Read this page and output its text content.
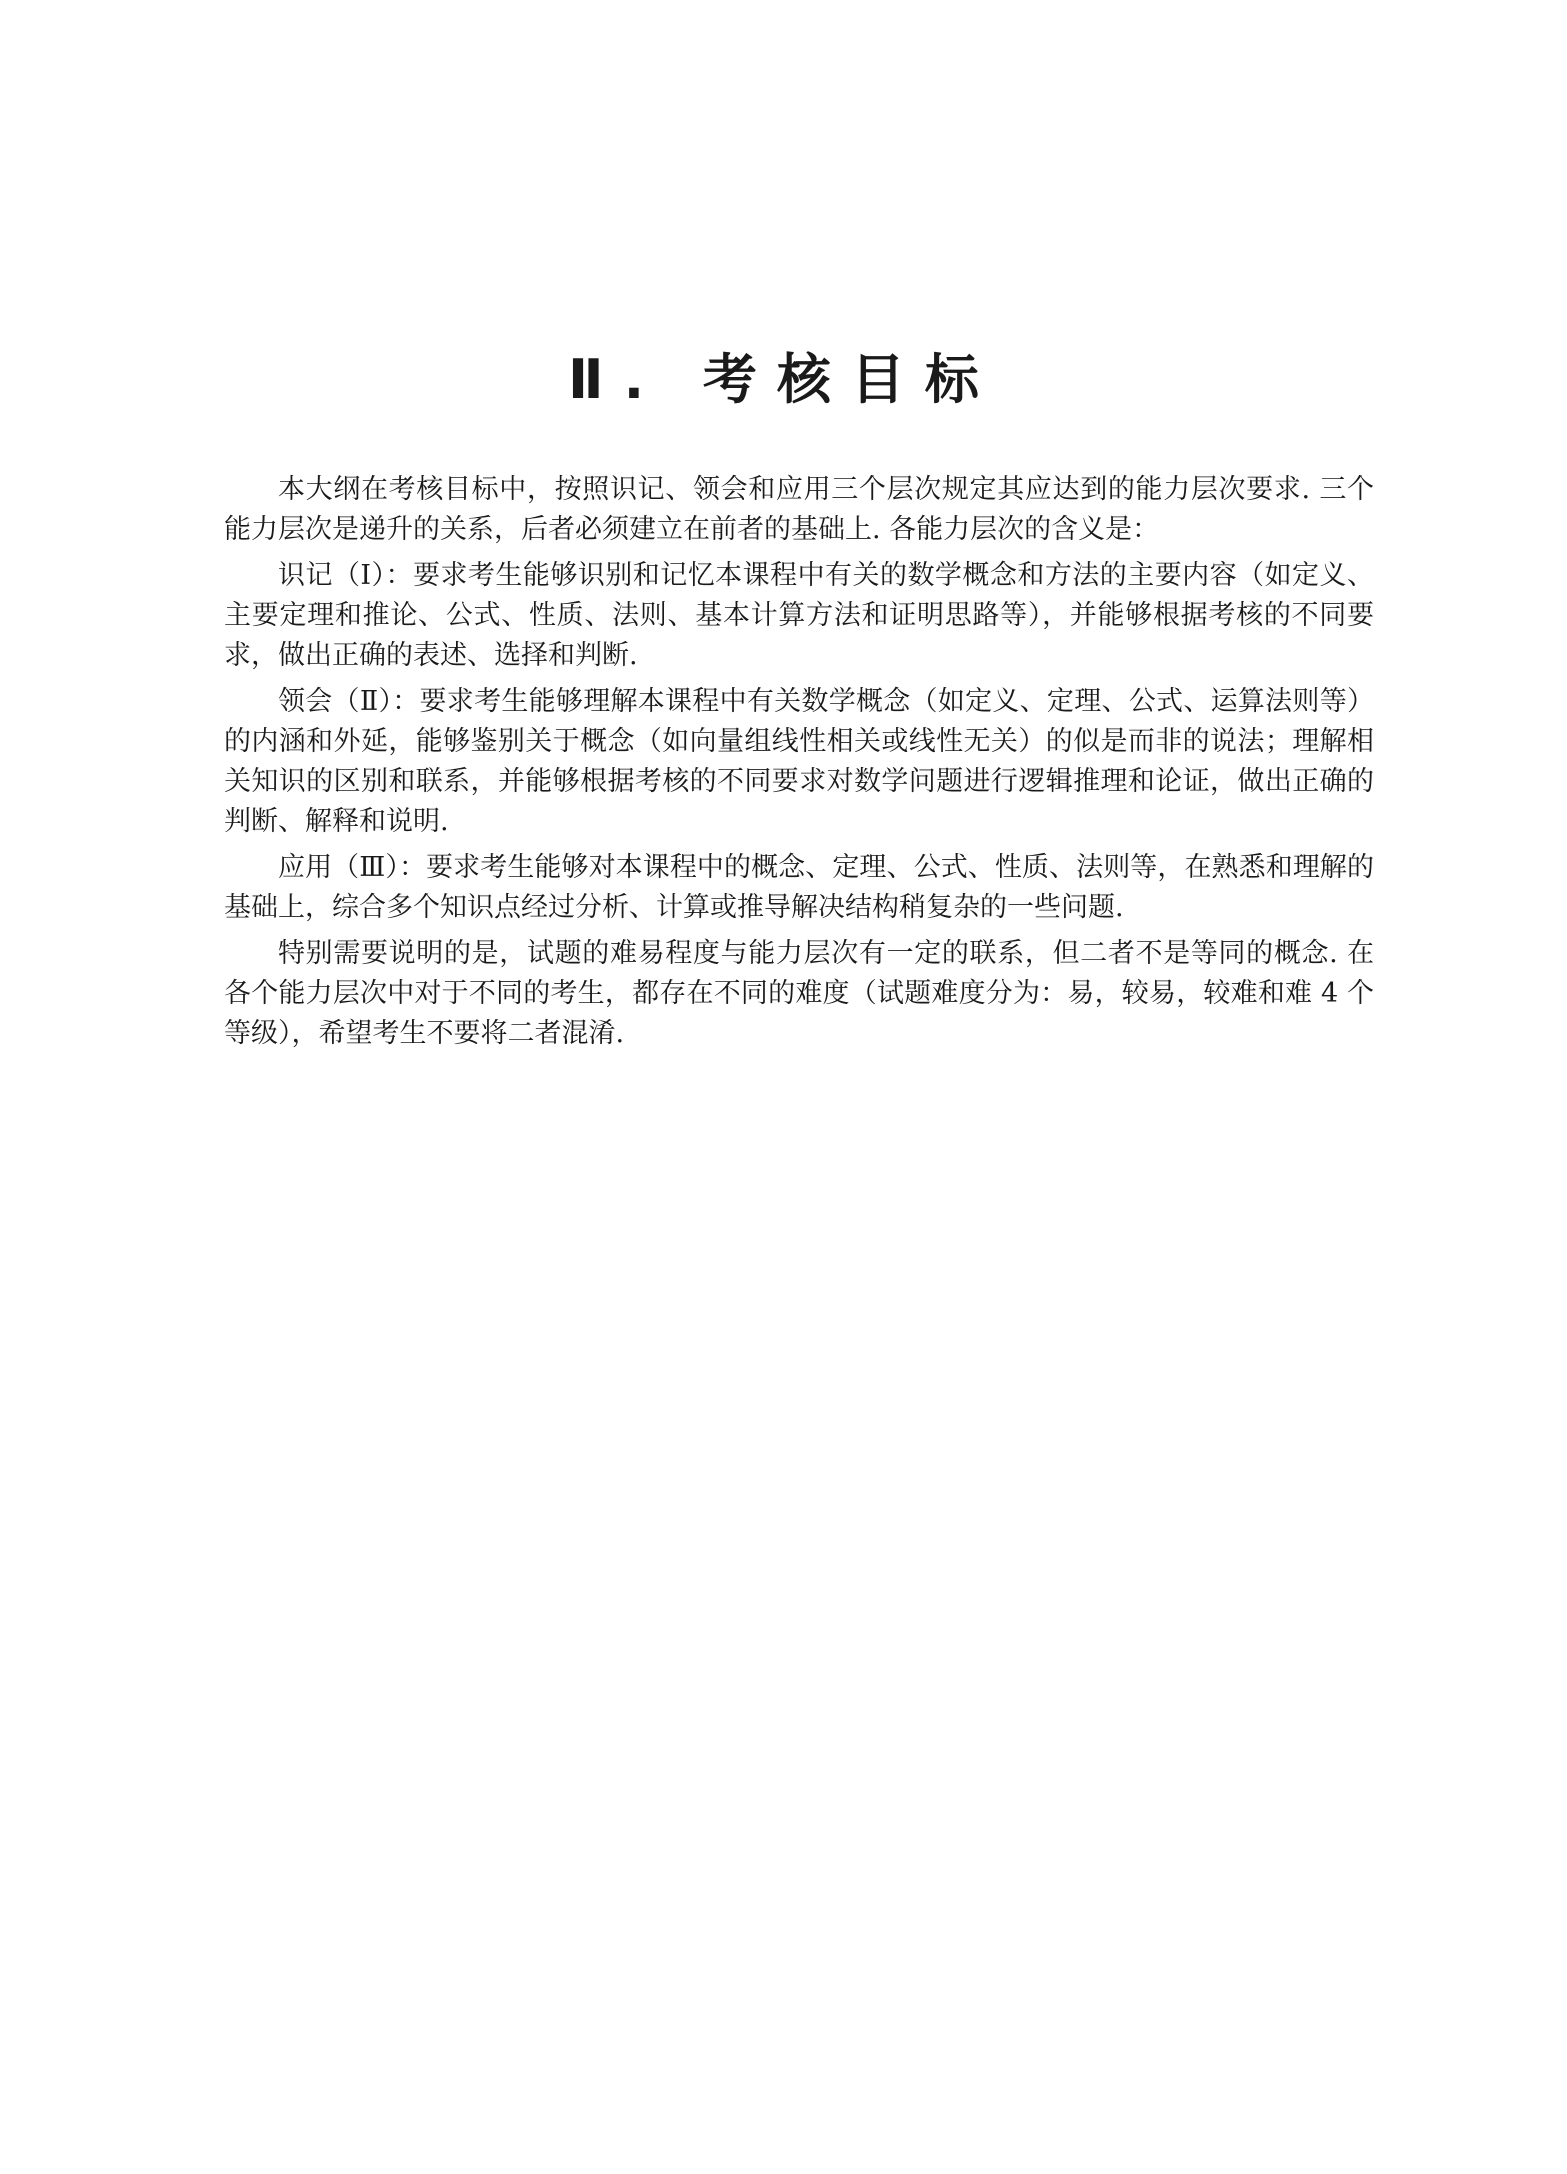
Ⅱ. 考核目标

本大纲在考核目标中，按照识记、领会和应用三个层次规定其应达到的能力层次要求. 三个能力层次是递升的关系，后者必须建立在前者的基础上. 各能力层次的含义是：

识记（Ⅰ）：要求考生能够识别和记忆本课程中有关的数学概念和方法的主要内容（如定义、主要定理和推论、公式、性质、法则、基本计算方法和证明思路等），并能够根据考核的不同要求，做出正确的表述、选择和判断.

领会（Ⅱ）：要求考生能够理解本课程中有关数学概念（如定义、定理、公式、运算法则等）的内涵和外延，能够鉴别关于概念（如向量组线性相关或线性无关）的似是而非的说法；理解相关知识的区别和联系，并能够根据考核的不同要求对数学问题进行逻辑推理和论证，做出正确的判断、解释和说明.

应用（Ⅲ）：要求考生能够对本课程中的概念、定理、公式、性质、法则等，在熟悉和理解的基础上，综合多个知识点经过分析、计算或推导解决结构稍复杂的一些问题.

特别需要说明的是，试题的难易程度与能力层次有一定的联系，但二者不是等同的概念. 在各个能力层次中对于不同的考生，都存在不同的难度（试题难度分为：易，较易，较难和难 4 个等级），希望考生不要将二者混淆.
